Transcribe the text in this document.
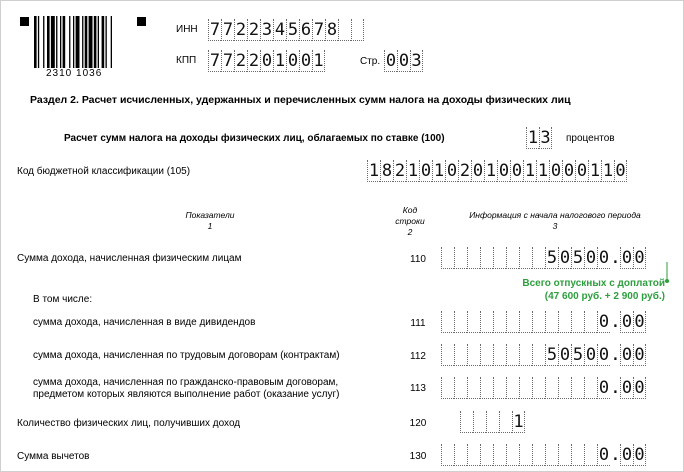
2310 1036
ИНН 7 7 2 2 3 4 5 6 7 8
КПП 7 7 2 2 0 1 0 0 1	Стр. 0 0 3
Раздел 2. Расчет исчисленных, удержанных и перечисленных сумм налога на доходы физических лиц
Расчет сумм налога на доходы физических лиц, облагаемых по ставке (100)	1 3 процентов
Код бюджетной классификации (105)	1 8 2 1 0 1 0 2 0 1 0 0 1 1 0 0 0 1 1 0
Показатели
1
Код
строки
2
Информация с начала налогового периода
3
Сумма дохода, начисленная физическим лицам	110	5 0 5 0 0 . 0 0
Всего отпускных с доплатой
(47 600 руб. + 2 900 руб.)
В том числе:
сумма дохода, начисленная в виде дивидендов	111	0 . 0 0
сумма дохода, начисленная по трудовым договорам (контрактам)	112	5 0 5 0 0 . 0 0
сумма дохода, начисленная по гражданско-правовым договорам,
предметом которых являются выполнение работ (оказание услуг)
113	0 . 0 0
Количество физических лиц, получивших доход	120	1
Сумма вычетов	130	0 . 0 0
